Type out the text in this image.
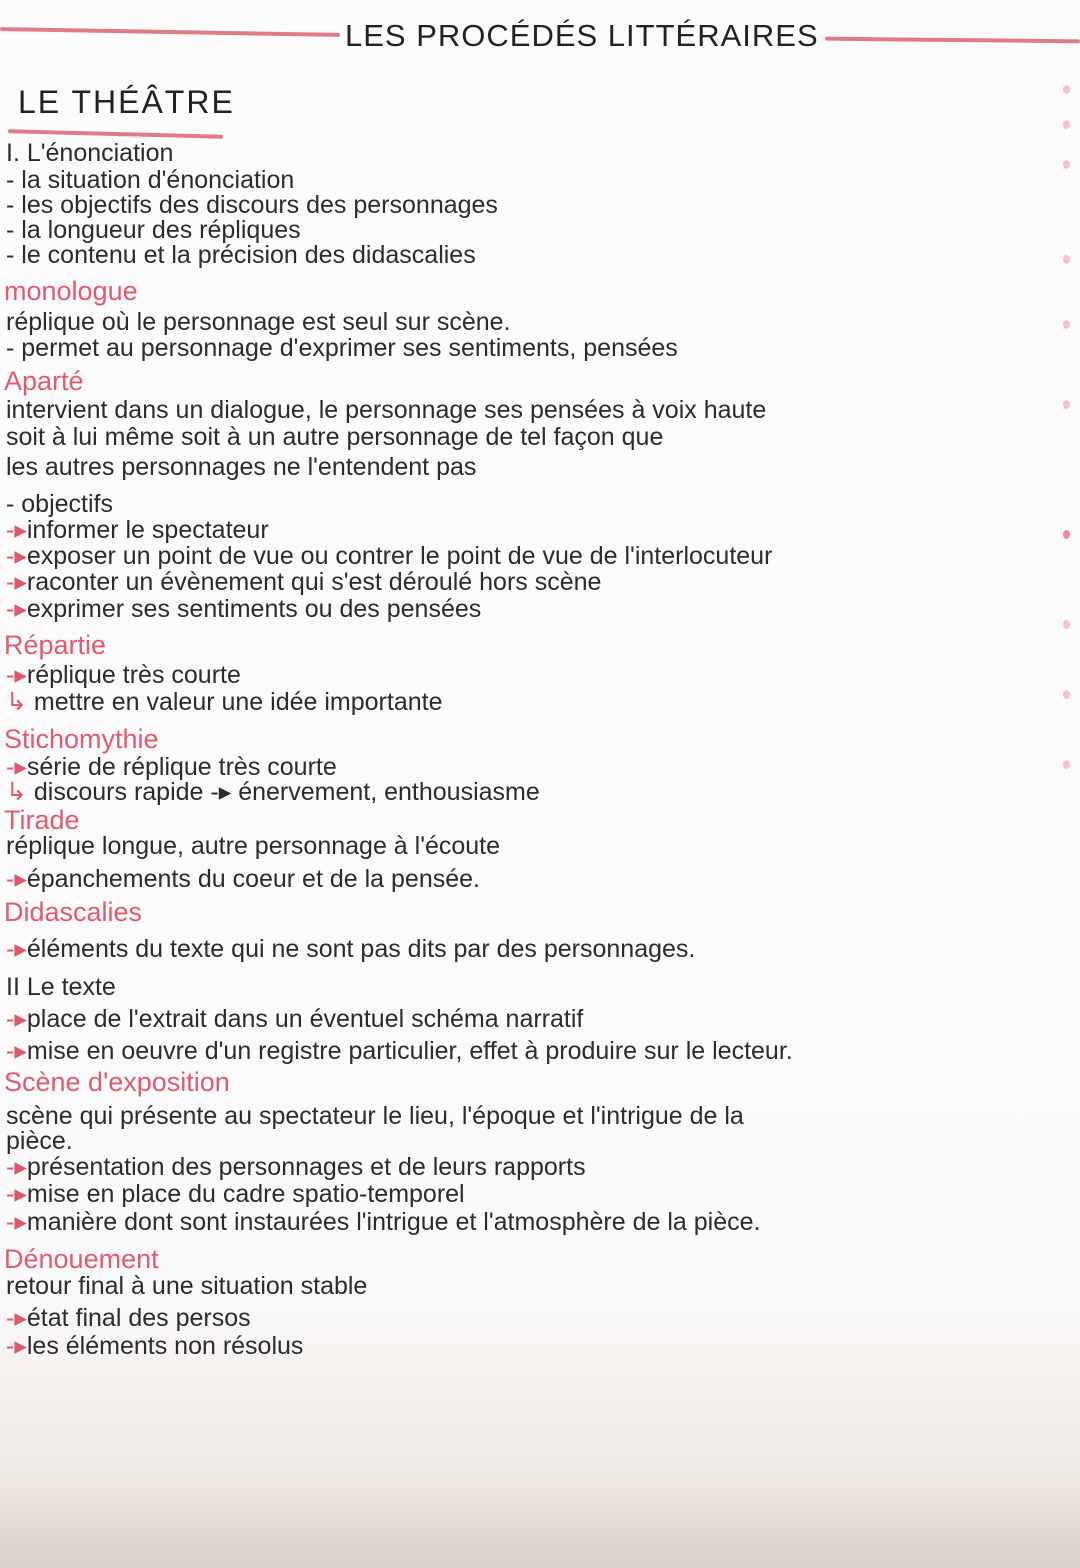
LES PROCÉDÉS LITTÉRAIRES
LE THÉÂTRE
I. L'énonciation
- la situation d'énonciation
- les objectifs des discours des personnages
- la longueur des répliques
- le contenu et la précision des didascalies
monologue
réplique où le personnage est seul sur scène.
- permet au personnage d'exprimer ses sentiments, pensées
Aparté
intervient dans un dialogue, le personnage ses pensées à voix haute
soit à lui même soit à un autre personnage de tel façon que
les autres personnages ne l'entendent pas
- objectifs
-▸ informer le spectateur
-▸ exposer un point de vue ou contrer le point de vue de l'interlocuteur
-▸ raconter un évènement qui s'est déroulé hors scène
-▸ exprimer ses sentiments ou des pensées
Répartie
-▸ réplique très courte
↳ mettre en valeur une idée importante
Stichomythie
-▸ série de réplique très courte
↳ discours rapide -▸ énervement, enthousiasme
Tirade
réplique longue, autre personnage à l'écoute
-▸ épanchements du coeur et de la pensée.
Didascalies
-▸ éléments du texte qui ne sont pas dits par des personnages.
II Le texte
-▸ place de l'extrait dans un éventuel schéma narratif
-▸ mise en oeuvre d'un registre particulier, effet à produire sur le lecteur.
Scène d'exposition
scène qui présente au spectateur le lieu, l'époque et l'intrigue de la
pièce.
-▸ présentation des personnages et de leurs rapports
-▸ mise en place du cadre spatio-temporel
-▸ manière dont sont instaurées l'intrigue et l'atmosphère de la pièce.
Dénouement
retour final à une situation stable
-▸ état final des persos
-▸ les éléments non résolus
